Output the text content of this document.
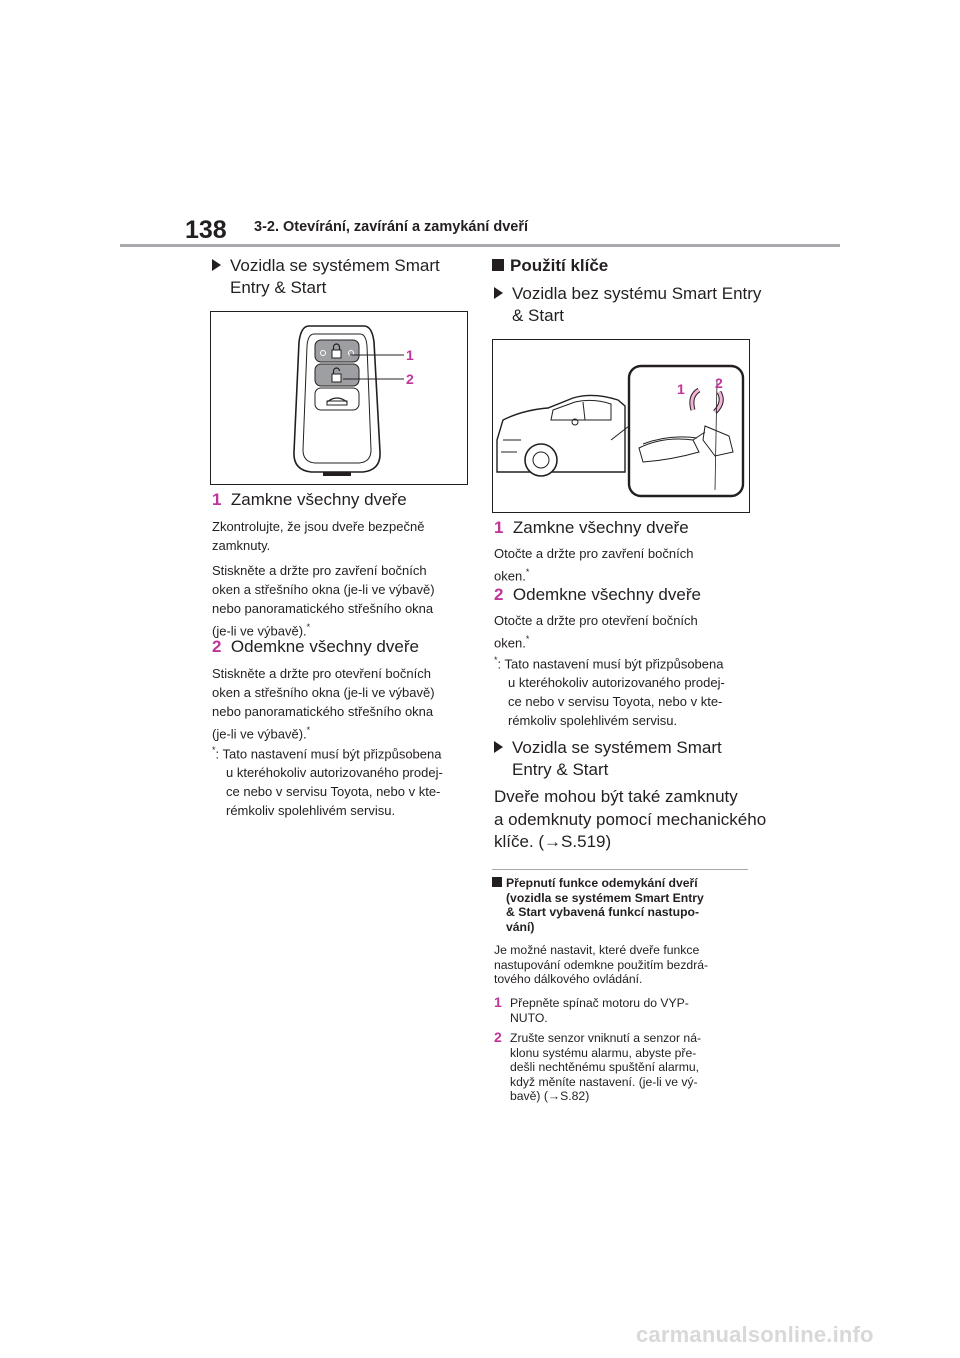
138 3-2. Otevírání, zavírání a zamykání dveří
Vozidla se systémem Smart
Entry & Start
1
2
1 Zamkne všechny dveře
Zkontrolujte, že jsou dveře bezpečně
zamknuty.
Stiskněte a držte pro zavření bočních
oken a střešního okna (je-li ve výbavě)
nebo panoramatického střešního okna
(je-li ve výbavě).*
2 Odemkne všechny dveře
Stiskněte a držte pro otevření bočních
oken a střešního okna (je-li ve výbavě)
nebo panoramatického střešního okna
(je-li ve výbavě).*
*: Tato nastavení musí být přizpůsobena
u kteréhokoliv autorizovaného prodej-
ce nebo v servisu Toyota, nebo v kte-
rémkoliv spolehlivém servisu.
Použití klíče
Vozidla bez systému Smart Entry
& Start
1 2
1 Zamkne všechny dveře
Otočte a držte pro zavření bočních
oken.*
2 Odemkne všechny dveře
Otočte a držte pro otevření bočních
oken.*
*: Tato nastavení musí být přizpůsobena
u kteréhokoliv autorizovaného prodej-
ce nebo v servisu Toyota, nebo v kte-
rémkoliv spolehlivém servisu.
Vozidla se systémem Smart
Entry & Start
Dveře mohou být také zamknuty
a odemknuty pomocí mechanického
klíče. (→S.519)
Přepnutí funkce odemykání dveří
(vozidla se systémem Smart Entry
& Start vybavená funkcí nastupo-
vání)
Je možné nastavit, které dveře funkce
nastupování odemkne použitím bezdrá-
tového dálkového ovládání.
1 Přepněte spínač motoru do VYP-
NUTO.
2 Zrušte senzor vniknutí a senzor ná-
klonu systému alarmu, abyste pře-
dešli nechtěnému spuštění alarmu,
když měníte nastavení. (je-li ve vý-
bavě) (→S.82)
carmanualsonline.info
